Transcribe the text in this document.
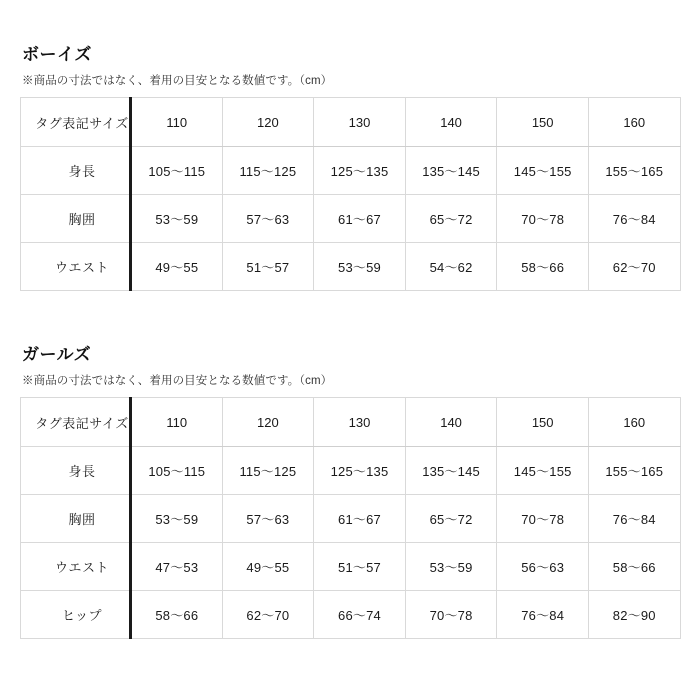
ボーイズ

※商品の寸法ではなく、着用の目安となる数値です。（cm）

タグ表記サイズ	110	120	130	140	150	160
身長	105〜115	115〜125	125〜135	135〜145	145〜155	155〜165
胸囲	53〜59	57〜63	61〜67	65〜72	70〜78	76〜84
ウエスト	49〜55	51〜57	53〜59	54〜62	58〜66	62〜70
ガールズ

※商品の寸法ではなく、着用の目安となる数値です。（cm）

タグ表記サイズ	110	120	130	140	150	160
身長	105〜115	115〜125	125〜135	135〜145	145〜155	155〜165
胸囲	53〜59	57〜63	61〜67	65〜72	70〜78	76〜84
ウエスト	47〜53	49〜55	51〜57	53〜59	56〜63	58〜66
ヒップ	58〜66	62〜70	66〜74	70〜78	76〜84	82〜90
